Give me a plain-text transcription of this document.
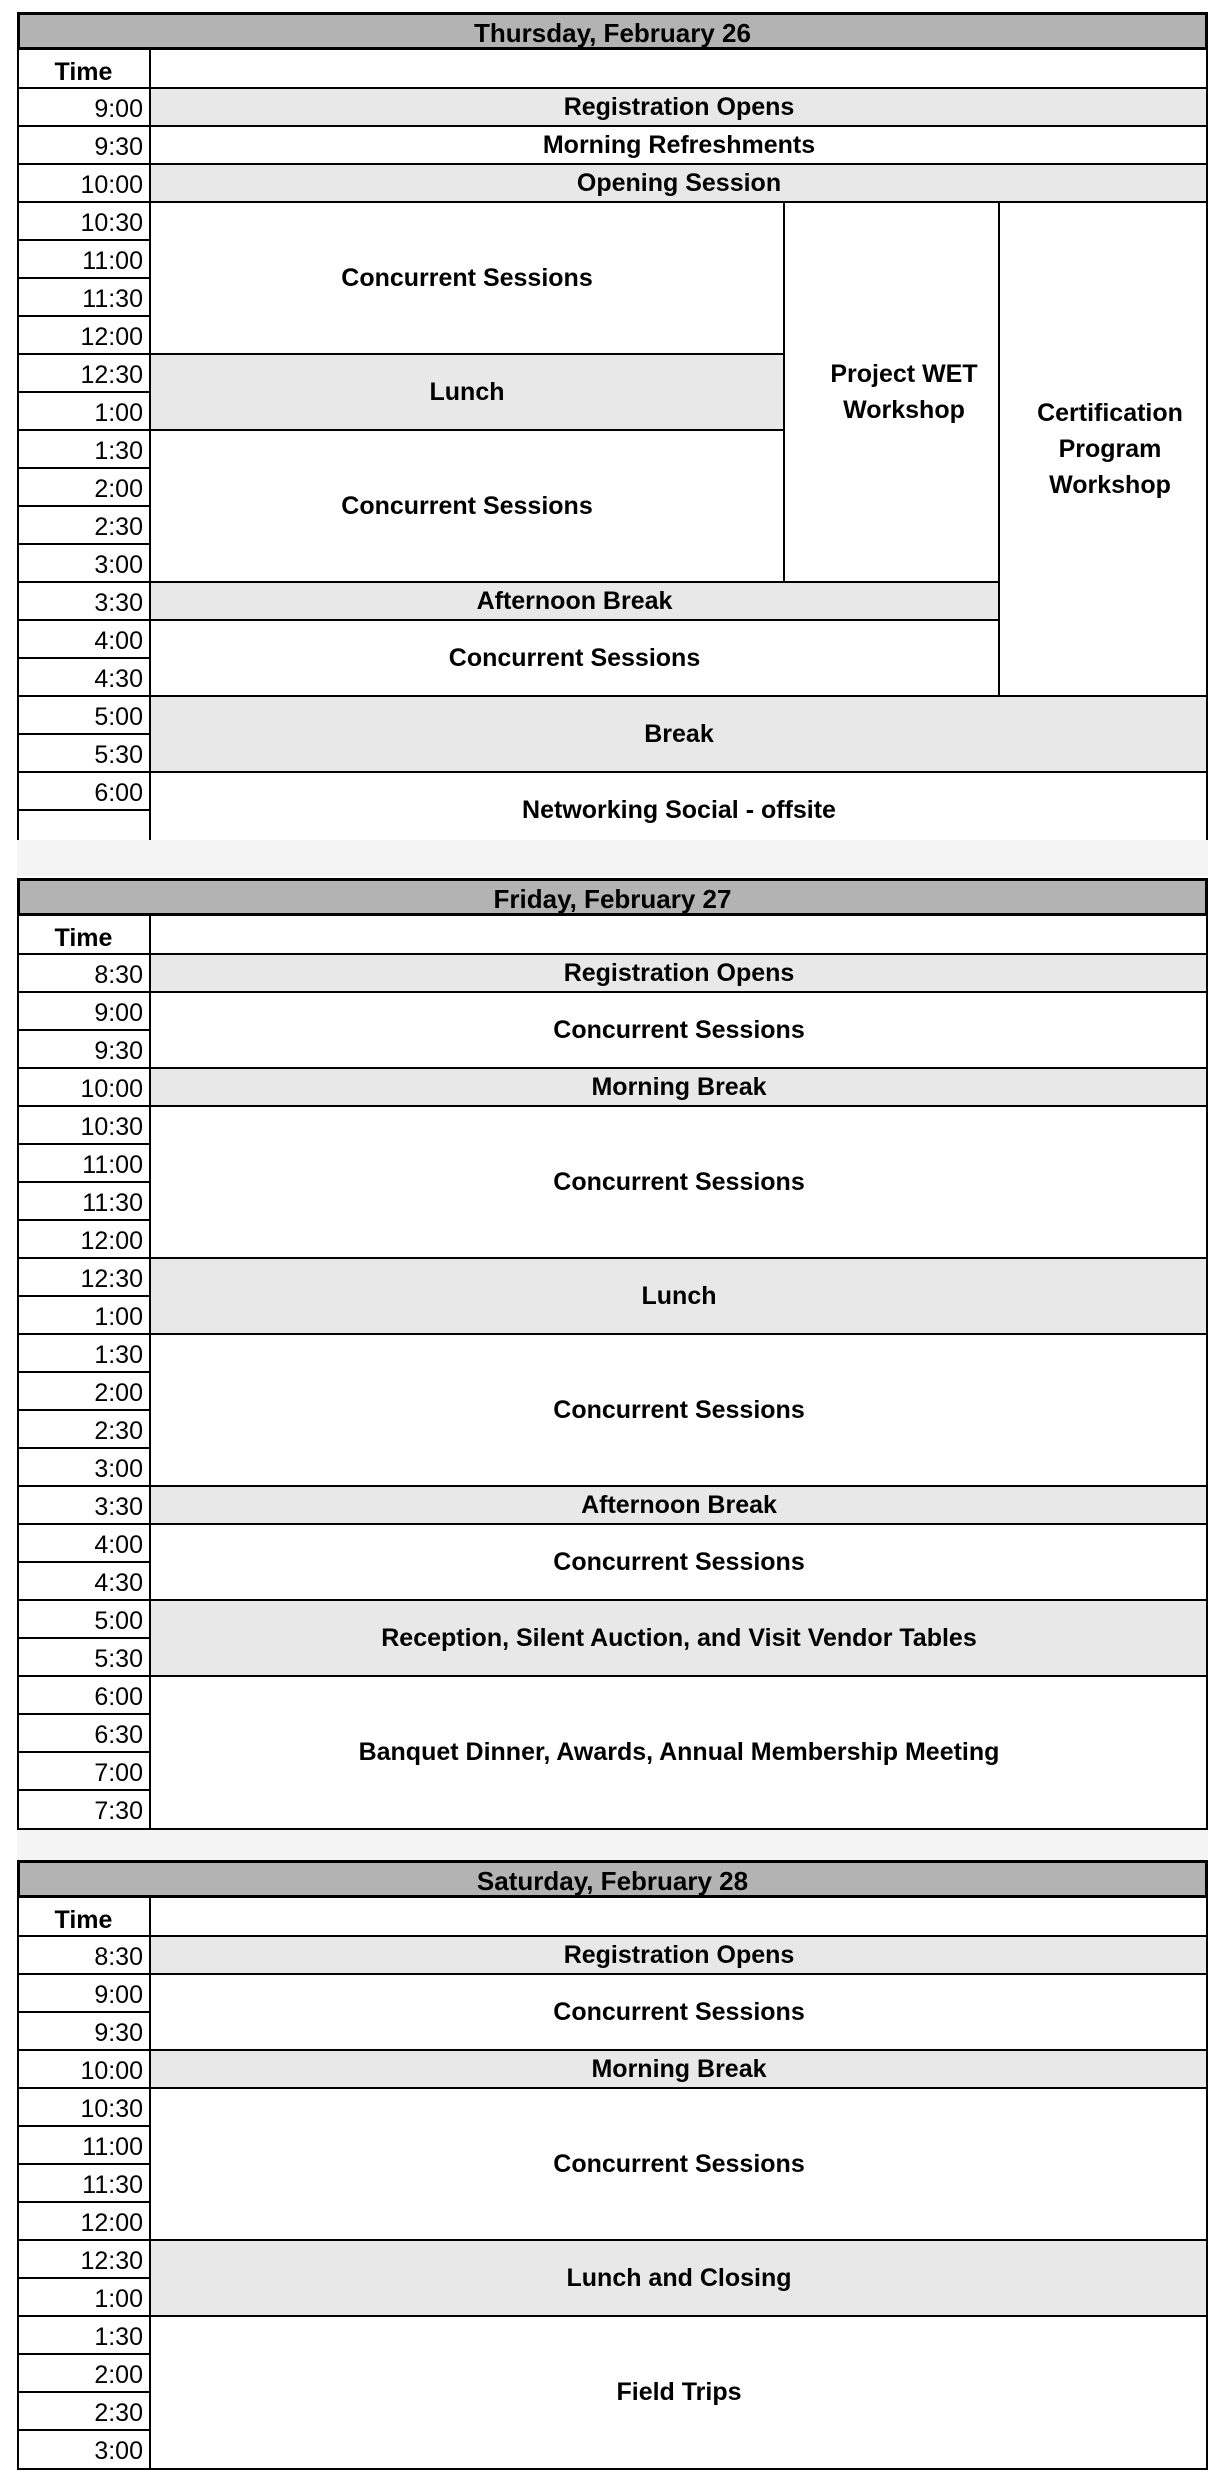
Thursday, February 26
Time
9:00
9:30
10:00
10:30
11:00
11:30
12:00
12:30
1:00
1:30
2:00
2:30
3:00
3:30
4:00
4:30
5:00
5:30
6:00
Registration Opens
Morning Refreshments
Opening Session
Concurrent Sessions
Lunch
Concurrent Sessions
Project WET Workshop	Certification Program Workshop
Afternoon Break
Concurrent Sessions
Break
Networking Social - offsite
Friday, February 27
Time
8:30
9:00
9:30
10:00
10:30
11:00
11:30
12:00
12:30
1:00
1:30
2:00
2:30
3:00
3:30
4:00
4:30
5:00
5:30
6:00
6:30
7:00
7:30
Registration Opens
Concurrent Sessions
Morning Break
Concurrent Sessions
Lunch
Concurrent Sessions
Afternoon Break
Concurrent Sessions
Reception, Silent Auction, and Visit Vendor Tables
Banquet Dinner, Awards, Annual Membership Meeting
Saturday, February 28
Time
8:30
9:00
9:30
10:00
10:30
11:00
11:30
12:00
12:30
1:00
1:30
2:00
2:30
3:00
Registration Opens
Concurrent Sessions
Morning Break
Concurrent Sessions
Lunch and Closing
Field Trips
